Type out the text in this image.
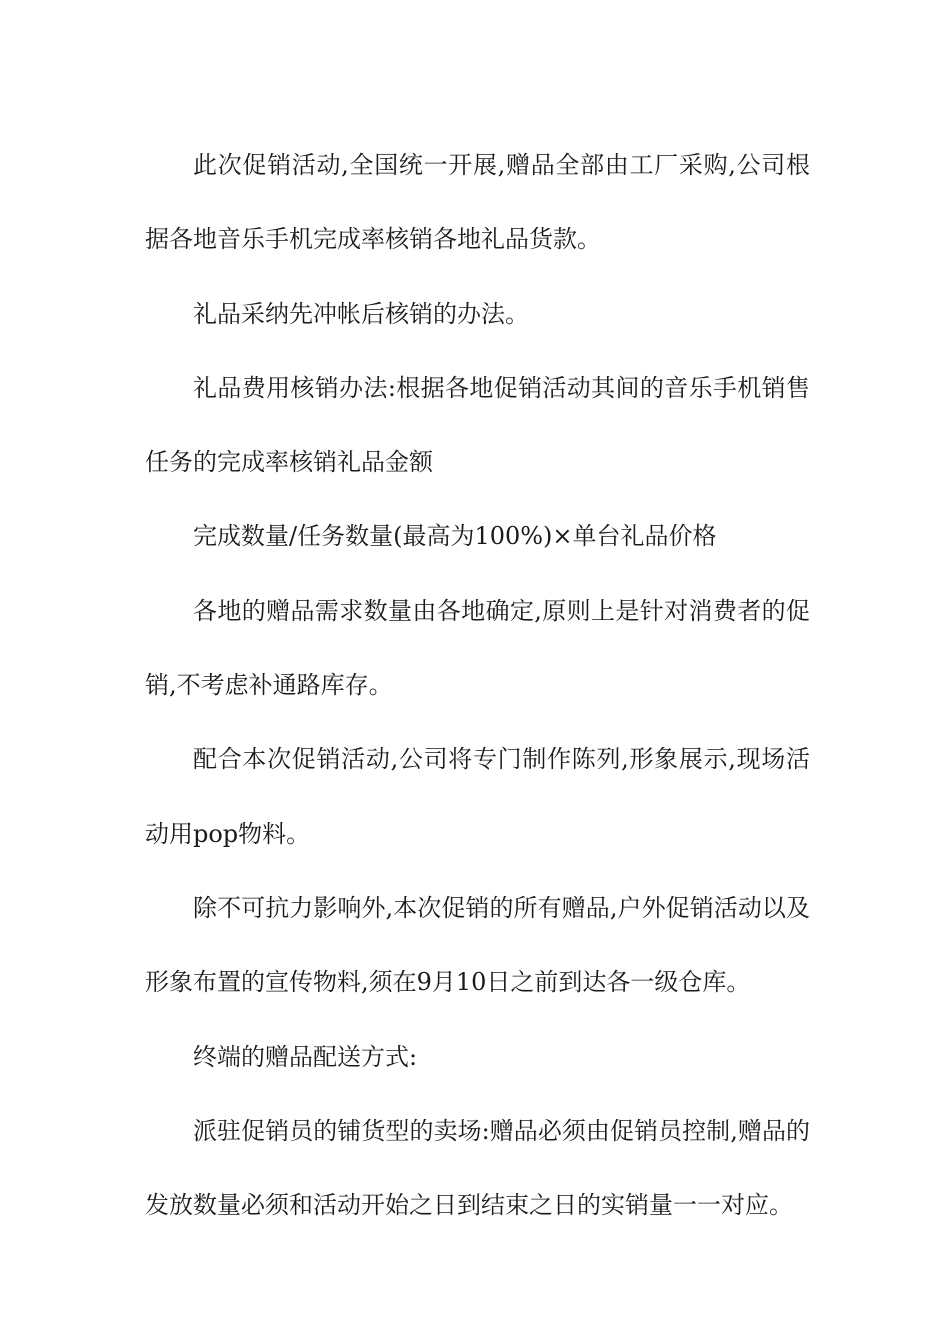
此次促销活动,全国统一开展,赠品全部由工厂采购,公司根据各地音乐手机完成率核销各地礼品货款。

礼品采纳先冲帐后核销的办法。

礼品费用核销办法:根据各地促销活动其间的音乐手机销售任务的完成率核销礼品金额

完成数量/任务数量(最高为100%)×单台礼品价格

各地的赠品需求数量由各地确定,原则上是针对消费者的促销,不考虑补通路库存。

配合本次促销活动,公司将专门制作陈列,形象展示,现场活动用pop物料。

除不可抗力影响外,本次促销的所有赠品,户外促销活动以及形象布置的宣传物料,须在9月10日之前到达各一级仓库。

终端的赠品配送方式:

派驻促销员的铺货型的卖场:赠品必须由促销员控制,赠品的发放数量必须和活动开始之日到结束之日的实销量一一对应。
